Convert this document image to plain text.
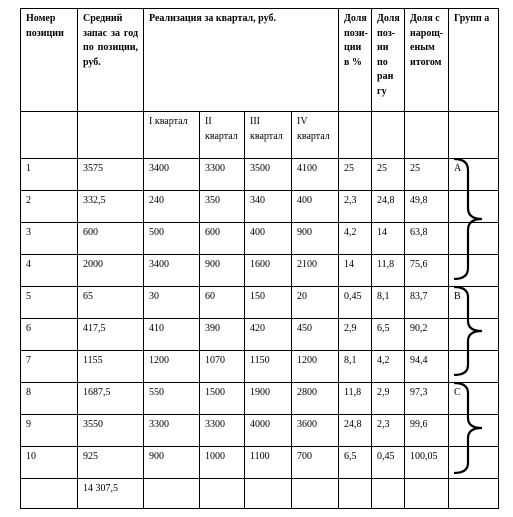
Номер позиции	Средний запас за год по позиции, руб.	Реализация за квартал, руб.				Доля пози-ции в %	Доля поз-ии по ран гу	Доля с нарощ-еным итогом	Групп а
		I квартал	II квартал	III квартал	IV квартал				
1	3575	3400	3300	3500	4100	25	25	25	A
2	332,5	240	350	340	400	2,3	24,8	49,8	
3	600	500	600	400	900	4,2	14	63,8	
4	2000	3400	900	1600	2100	14	11,8	75,6	
5	65	30	60	150	20	0,45	8,1	83,7	B
6	417,5	410	390	420	450	2,9	6,5	90,2	
7	1155	1200	1070	1150	1200	8,1	4,2	94,4	
8	1687,5	550	1500	1900	2800	11,8	2,9	97,3	C
9	3550	3300	3300	4000	3600	24,8	2,3	99,6	
10	925	900	1000	1100	700	6,5	0,45	100,05	
	14 307,5								
